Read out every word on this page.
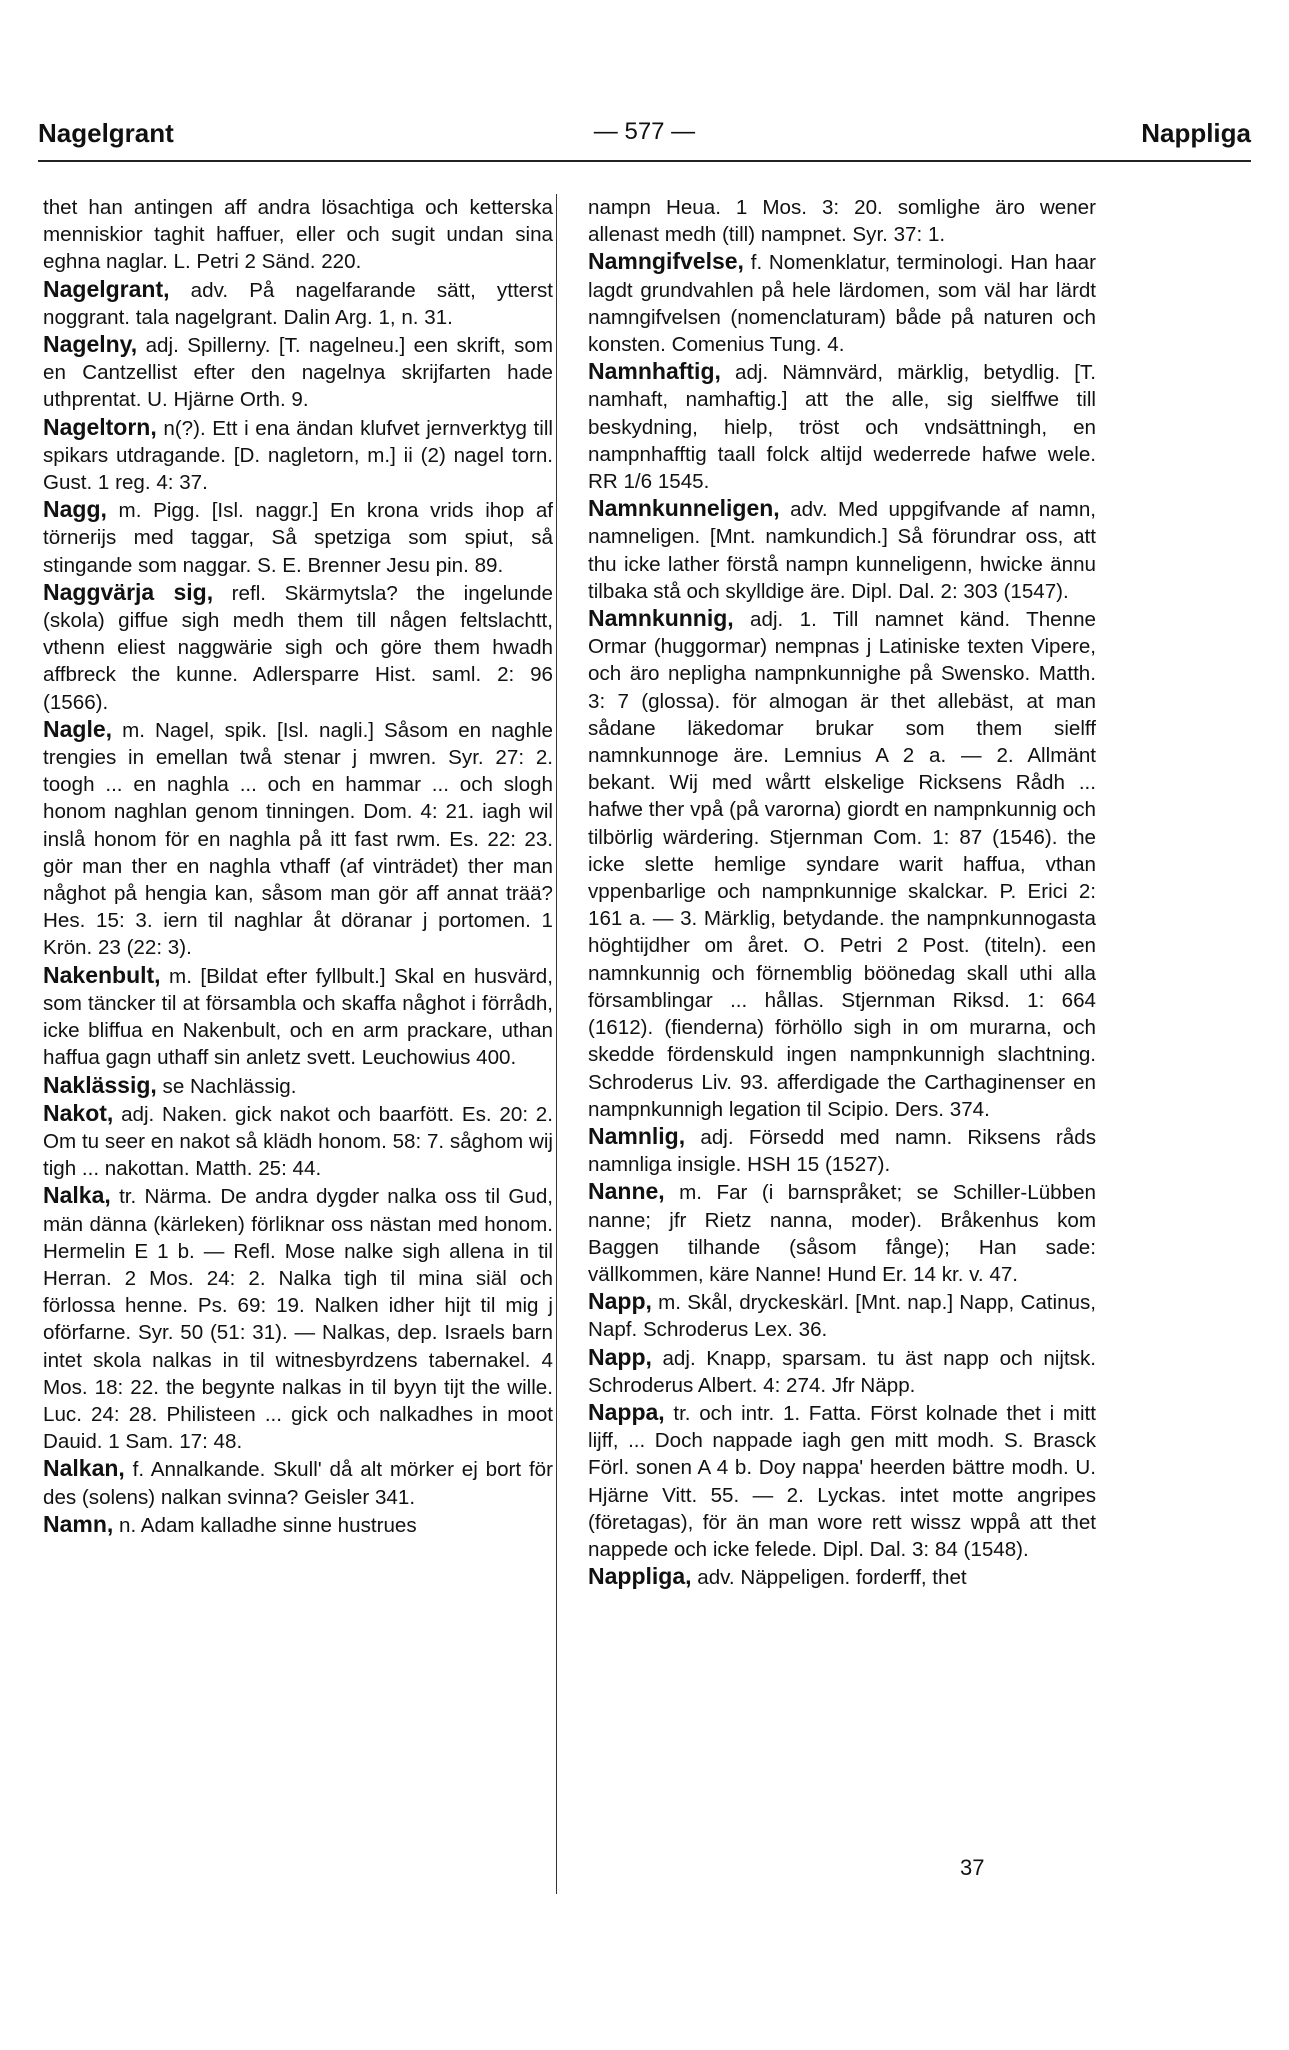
Nagelgrant	— 577 —	Nappliga

thet han antingen aff andra lösachtiga och ketterska menniskior taghit haffuer, eller och sugit undan sina eghna naglar. L. Petri 2 Sänd. 220.

Nagelgrant, adv. På nagelfarande sätt, ytterst noggrant. tala nagelgrant. Dalin Arg. 1, n. 31.

Nagelny, adj. Spillerny. [T. nagelneu.] een skrift, som en Cantzellist efter den nagelnya skrijfarten hade uthprentat. U. Hjärne Orth. 9.

Nageltorn, n(?). Ett i ena ändan klufvet jernverktyg till spikars utdragande. [D. nagletorn, m.] ii (2) nagel torn. Gust. 1 reg. 4: 37.

Nagg, m. Pigg. [Isl. naggr.] En krona vrids ihop af törnerijs med taggar, Så spetziga som spiut, så stingande som naggar. S. E. Brenner Jesu pin. 89.

Naggvärja sig, refl. Skärmytsla? the ingelunde (skola) giffue sigh medh them till någen feltslachtt, vthenn eliest naggwärie sigh och göre them hwadh affbreck the kunne. Adlersparre Hist. saml. 2: 96 (1566).

Nagle, m. Nagel, spik. [Isl. nagli.] Såsom en naghle trengies in emellan twå stenar j mwren. Syr. 27: 2. toogh ... en naghla ... och en hammar ... och slogh honom naghlan genom tinningen. Dom. 4: 21. iagh wil inslå honom för en naghla på itt fast rwm. Es. 22: 23. gör man ther en naghla vthaff (af vinträdet) ther man någhot på hengia kan, såsom man gör aff annat trää? Hes. 15: 3. iern til naghlar åt döranar j portomen. 1 Krön. 23 (22: 3).

Nakenbult, m. [Bildat efter fyllbult.] Skal en husvärd, som täncker til at försambla och skaffa någhot i förrådh, icke bliffua en Nakenbult, och en arm prackare, uthan haffua gagn uthaff sin anletz svett. Leuchowius 400.

Naklässig, se Nachlässig.

Nakot, adj. Naken. gick nakot och baarfött. Es. 20: 2. Om tu seer en nakot så klädh honom. 58: 7. såghom wij tigh ... nakottan. Matth. 25: 44.

Nalka, tr. Närma. De andra dygder nalka oss til Gud, män dänna (kärleken) förliknar oss nästan med honom. Hermelin E 1 b. — Refl. Mose nalkе sigh allena in til Herran. 2 Mos. 24: 2. Nalka tigh til mina siäl och förlossa henne. Ps. 69: 19. Nalken idher hijt til mig j oförfarne. Syr. 50 (51: 31). — Nalkas, dep. Israels barn intet skola nalkas in til witnesbyrdzens tabernakel. 4 Mos. 18: 22. the begynte nalkas in til byyn tijt the wille. Luc. 24: 28. Philisteen ... gick och nalkadhes in moot Dauid. 1 Sam. 17: 48.

Nalkan, f. Annalkande. Skull' då alt mörker ej bort för des (solens) nalkan svinna? Geisler 341.

Namn, n. Adam kalladhe sinne hustrues

nampn Heua. 1 Mos. 3: 20. somlighe äro wener allenast medh (till) nampnet. Syr. 37: 1.

Namngifvelse, f. Nomenklatur, terminologi. Han haar lagdt grundvahlen på hele lärdomen, som väl har lärdt namngifvelsen (nomenclaturam) både på naturen och konsten. Comenius Tung. 4.

Namnhaftig, adj. Nämnvärd, märklig, betydlig. [T. namhaft, namhaftig.] att the alle, sig sielffwe till beskydning, hielp, tröst och vndsättningh, en nampnhafftig taall folck altijd wederrede hafwe wele. RR 1/6 1545.

Namnkunneligen, adv. Med uppgifvande af namn, namneligen. [Mnt. namkundich.] Så förundrar oss, att thu icke lather förstå nampn kunneligenn, hwicke ännu tilbaka stå och skylldige äre. Dipl. Dal. 2: 303 (1547).

Namnkunnig, adj. 1. Till namnet känd. Thenne Ormar (huggormar) nempnas j Latiniske texten Vipere, och äro nepligha nampnkunnighe på Swensko. Matth. 3: 7 (glossa). för almogan är thet allebäst, at man sådane läkedomar brukar som them sielff namnkunnoge äre. Lemnius A 2 a. — 2. Allmänt bekant. Wij med wårtt elskelige Ricksens Rådh ... hafwe ther vpå (på varorna) giordt en nampnkunnig och tilbörlig wärdering. Stjernman Com. 1: 87 (1546). the icke slette hemlige syndare warit haffua, vthan vppenbarlige och nampnkunnige skalckar. P. Erici 2: 161 a. — 3. Märklig, betydande. the nampnkunnogasta höghtijdher om året. O. Petri 2 Post. (titeln). een namnkunnig och förnemblig böönedag skall uthi alla församblingar ... hållas. Stjernman Riksd. 1: 664 (1612). (fienderna) förhöllo sigh in om murarna, och skedde fördenskuld ingen nampnkunnigh slachtning. Schroderus Liv. 93. afferdigade the Carthaginenser en nampnkunnigh legation til Scipio. Ders. 374.

Namnlig, adj. Försedd med namn. Riksens råds namnliga insigle. HSH 15 (1527).

Nanne, m. Far (i barnspråket; se Schiller-Lübben nanne; jfr Rietz nanna, moder). Bråkenhus kom Baggen tilhande (såsom fånge); Han sade: vällkommen, käre Nanne! Hund Er. 14 kr. v. 47.

Napp, m. Skål, dryckeskärl. [Mnt. nap.] Napp, Catinus, Napf. Schroderus Lex. 36.

Napp, adj. Knapp, sparsam. tu äst napp och nijtsk. Schroderus Albert. 4: 274. Jfr Näpp.

Nappa, tr. och intr. 1. Fatta. Först kolnade thet i mitt lijff, ... Doch nappade iagh gen mitt modh. S. Brasck Förl. sonen A 4 b. Doy nappa' heerden bättre modh. U. Hjärne Vitt. 55. — 2. Lyckas. intet motte angripes (företagas), för än man wore rett wissz wppå att thet nappede och icke felede. Dipl. Dal. 3: 84 (1548).

Nappliga, adv. Näppeligen. forderff, thet

37
